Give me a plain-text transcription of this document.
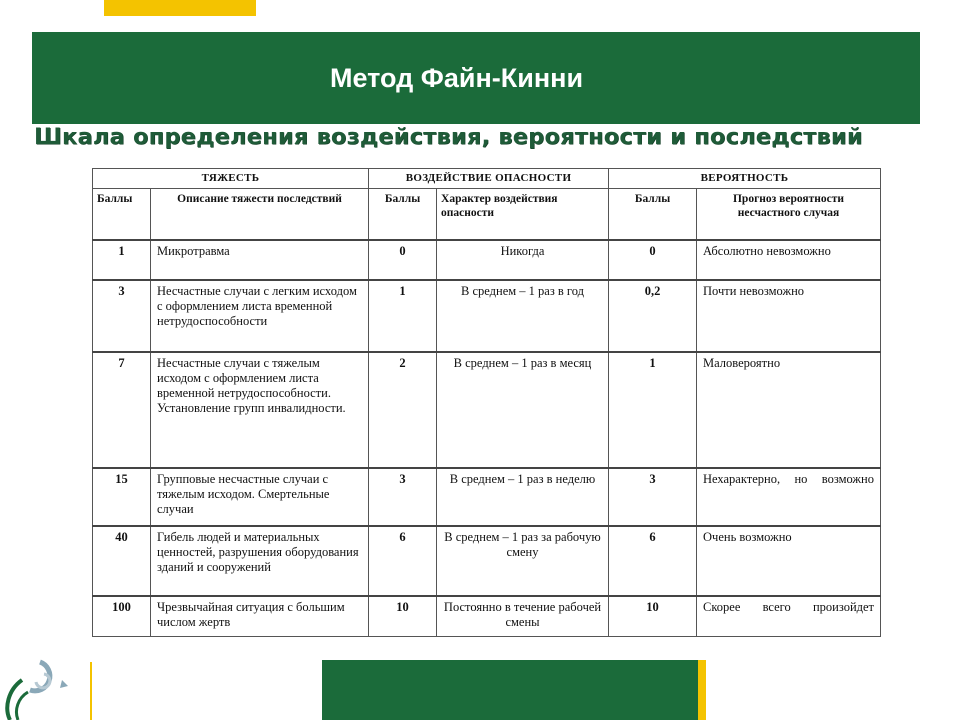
Метод Файн-Кинни
Шкала определения воздействия, вероятности и последствий
ТЯЖЕСТЬ		ВОЗДЕЙСТВИЕ ОПАСНОСТИ		ВЕРОЯТНОСТЬ	
Баллы	Описание тяжести последствий	Баллы	Характер воздействия опасности	Баллы	Прогноз вероятности несчастного случая
1	Микротравма	0	Никогда	0	Абсолютно невозможно
3	Несчастные случаи с легким исходом с оформлением листа временной нетрудоспособности	1	В среднем – 1 раз в год	0,2	Почти невозможно
7	Несчастные случаи с тяжелым исходом с оформлением листа временной нетрудоспособности. Установление групп инвалидности.	2	В среднем – 1 раз в месяц	1	Маловероятно
15	Групповые несчастные случаи с тяжелым исходом. Смертельные случаи	3	В среднем – 1 раз в неделю	3	Нехарактерно, но возможно
40	Гибель людей и материальных ценностей, разрушения оборудования зданий и сооружений	6	В среднем – 1 раз за рабочую смену	6	Очень возможно
100	Чрезвычайная ситуация с большим числом жертв	10	Постоянно в течение рабочей смены	10	Скорее всего произойдет
